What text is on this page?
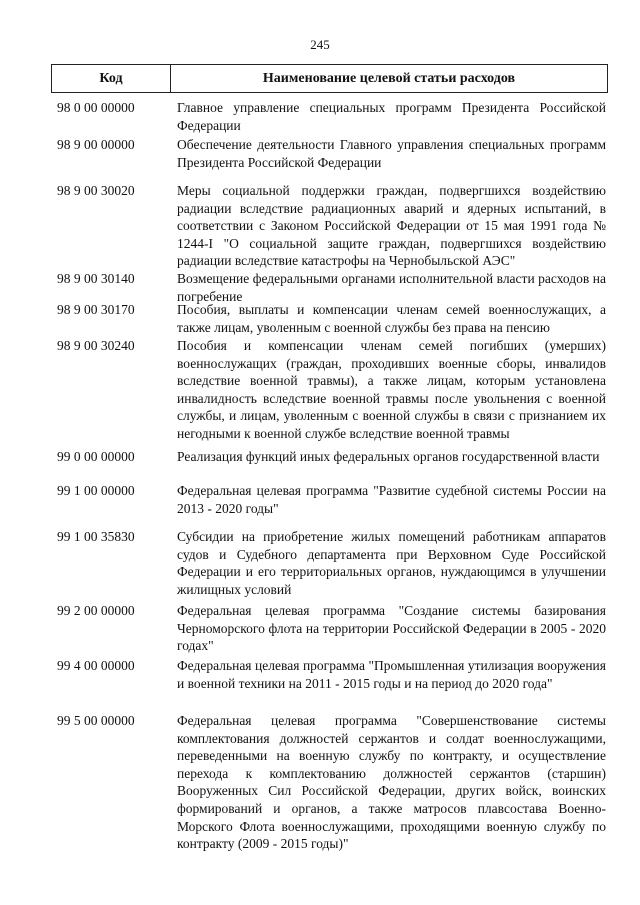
245
Код	Наименование целевой статьи расходов
98 0 00 00000	Главное управление специальных программ Президента Российской Федерации
98 9 00 00000	Обеспечение деятельности Главного управления специальных программ Президента Российской Федерации
98 9 00 30020	Меры социальной поддержки граждан, подвергшихся воздействию радиации вследствие радиационных аварий и ядерных испытаний, в соответствии с Законом Российской Федерации от 15 мая 1991 года № 1244-I "О социальной защите граждан, подвергшихся воздействию радиации вследствие катастрофы на Чернобыльской АЭС"
98 9 00 30140	Возмещение федеральными органами исполнительной власти расходов на погребение
98 9 00 30170	Пособия, выплаты и компенсации членам семей военнослужащих, а также лицам, уволенным с военной службы без права на пенсию
98 9 00 30240	Пособия и компенсации членам семей погибших (умерших) военнослужащих (граждан, проходивших военные сборы, инвалидов вследствие военной травмы), а также лицам, которым установлена инвалидность вследствие военной травмы после увольнения с военной службы, и лицам, уволенным с военной службы в связи с признанием их негодными к военной службе вследствие военной травмы
99 0 00 00000	Реализация функций иных федеральных органов государственной власти
99 1 00 00000	Федеральная целевая программа "Развитие судебной системы России на 2013 - 2020 годы"
99 1 00 35830	Субсидии на приобретение жилых помещений работникам аппаратов судов и Судебного департамента при Верховном Суде Российской Федерации и его территориальных органов, нуждающимся в улучшении жилищных условий
99 2 00 00000	Федеральная целевая программа "Создание системы базирования Черноморского флота на территории Российской Федерации в 2005 - 2020 годах"
99 4 00 00000	Федеральная целевая программа "Промышленная утилизация вооружения и военной техники на 2011 - 2015 годы и на период до 2020 года"
99 5 00 00000	Федеральная целевая программа "Совершенствование системы комплектования должностей сержантов и солдат военнослужащими, переведенными на военную службу по контракту, и осуществление перехода к комплектованию должностей сержантов (старшин) Вооруженных Сил Российской Федерации, других войск, воинских формирований и органов, а также матросов плавсостава Военно-Морского Флота военнослужащими, проходящими военную службу по контракту (2009 - 2015 годы)"
